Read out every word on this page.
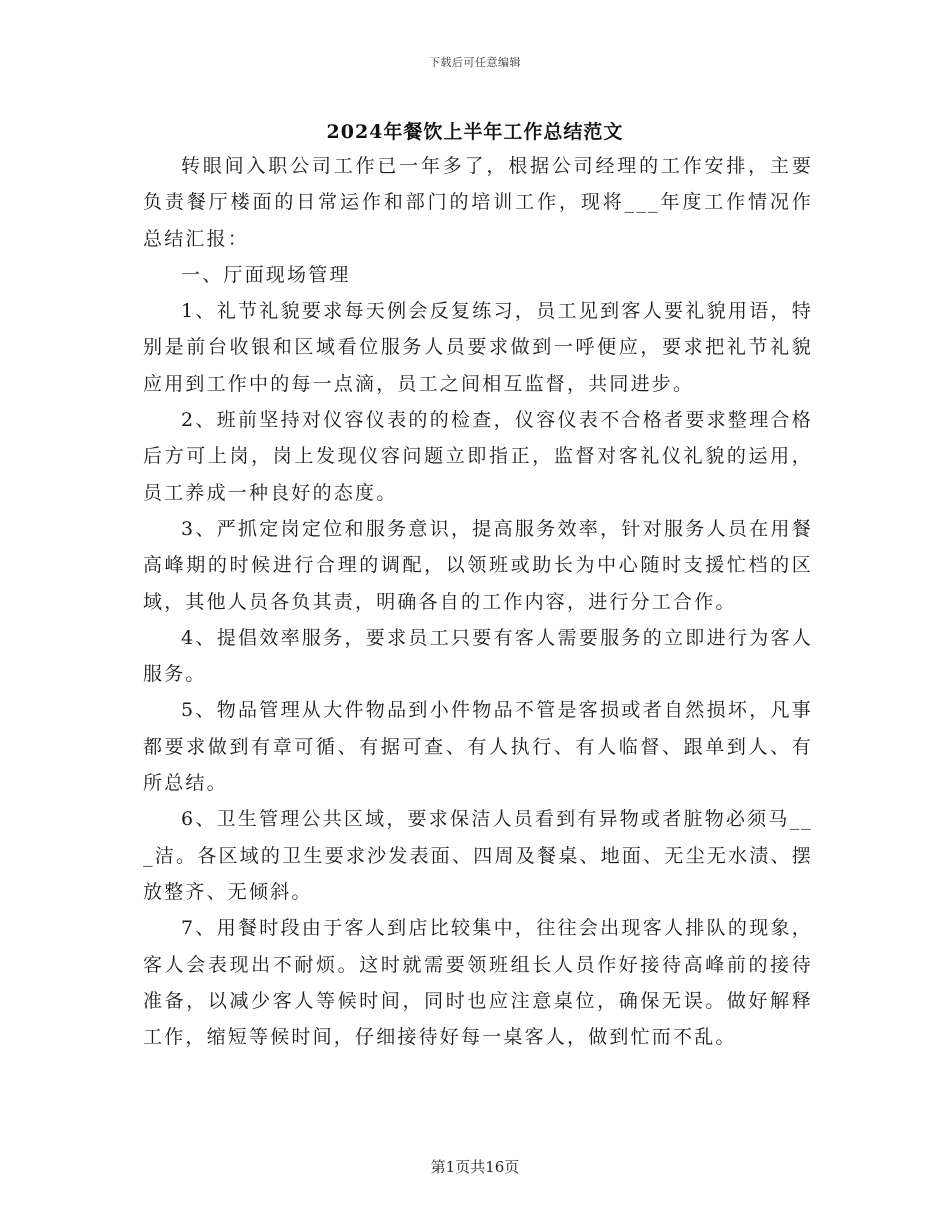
下载后可任意编辑
2024年餐饮上半年工作总结范文

转眼间入职公司工作已一年多了，根据公司经理的工作安排，主要负责餐厅楼面的日常运作和部门的培训工作，现将___年度工作情况作总结汇报：

一、厅面现场管理

1、礼节礼貌要求每天例会反复练习，员工见到客人要礼貌用语，特别是前台收银和区域看位服务人员要求做到一呼便应，要求把礼节礼貌应用到工作中的每一点滴，员工之间相互监督，共同进步。

2、班前坚持对仪容仪表的的检查，仪容仪表不合格者要求整理合格后方可上岗，岗上发现仪容问题立即指正，监督对客礼仪礼貌的运用，员工养成一种良好的态度。

3、严抓定岗定位和服务意识，提高服务效率，针对服务人员在用餐高峰期的时候进行合理的调配，以领班或助长为中心随时支援忙档的区域，其他人员各负其责，明确各自的工作内容，进行分工合作。

4、提倡效率服务，要求员工只要有客人需要服务的立即进行为客人服务。

5、物品管理从大件物品到小件物品不管是客损或者自然损坏，凡事都要求做到有章可循、有据可查、有人执行、有人临督、跟单到人、有所总结。

6、卫生管理公共区域，要求保洁人员看到有异物或者脏物必须马___洁。各区域的卫生要求沙发表面、四周及餐桌、地面、无尘无水渍、摆放整齐、无倾斜。

7、用餐时段由于客人到店比较集中，往往会出现客人排队的现象，客人会表现出不耐烦。这时就需要领班组长人员作好接待高峰前的接待准备，以减少客人等候时间，同时也应注意桌位，确保无误。做好解释工作，缩短等候时间，仔细接待好每一桌客人，做到忙而不乱。

第1页共16页
